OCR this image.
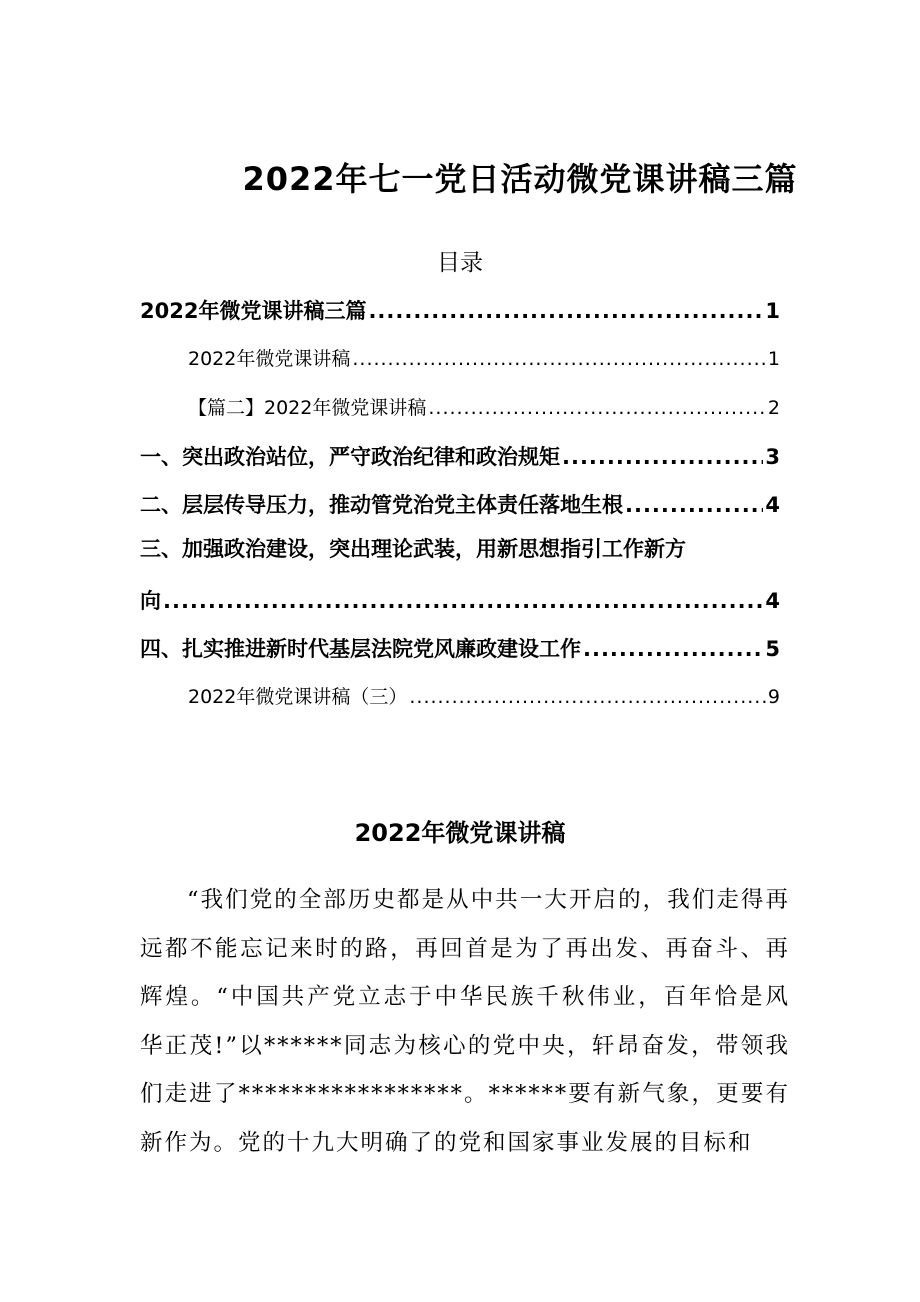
2022年七一党日活动微党课讲稿三篇
目录
2022年微党课讲稿三篇 .....	1
2022年微党课讲稿 .....	1
【篇二】2022年微党课讲稿 .....	2
一、突出政治站位，严守政治纪律和政治规矩 .....	3
二、层层传导压力，推动管党治党主体责任落地生根 .....	4
三、加强政治建设，突出理论武装，用新思想指引工作新方
向 .....	4
四、扎实推进新时代基层法院党风廉政建设工作 .....	5
2022年微党课讲稿（三） .....	9
2022年微党课讲稿

“我们党的全部历史都是从中共一大开启的，我们走得再远都不能忘记来时的路，再回首是为了再出发、再奋斗、再辉煌。“中国共产党立志于中华民族千秋伟业，百年恰是风华正茂!”以******同志为核心的党中央，轩昂奋发，带领我们走进了*****************。******要有新气象，更要有新作为。党的十九大明确了的党和国家事业发展的目标和
